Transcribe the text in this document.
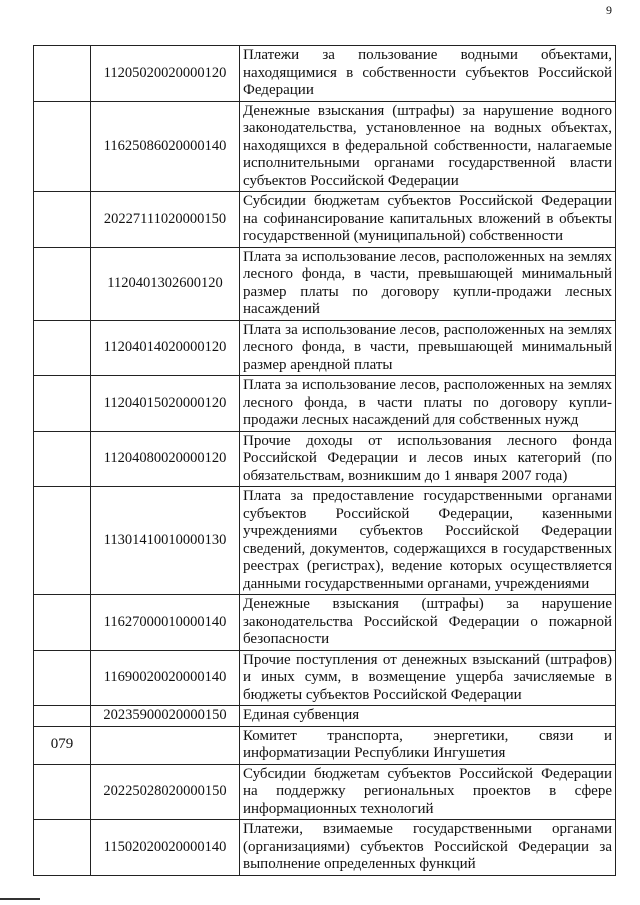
9
	11205020020000120	Платежи за пользование водными объектами, находящимися в собственности субъектов Российской Федерации
	11625086020000140	Денежные взыскания (штрафы) за нарушение водного законодательства, установленное на водных объектах, находящихся в федеральной собственности, налагаемые исполнительными органами государственной власти субъектов Российской Федерации
	20227111020000150	Субсидии бюджетам субъектов Российской Федерации на софинансирование капитальных вложений в объекты государственной (муниципальной) собственности
	1120401302600120	Плата за использование лесов, расположенных на землях лесного фонда, в части, превышающей минимальный размер платы по договору купли-продажи лесных насаждений
	11204014020000120	Плата за использование лесов, расположенных на землях лесного фонда, в части, превышающей минимальный размер арендной платы
	11204015020000120	Плата за использование лесов, расположенных на землях лесного фонда, в части платы по договору купли-продажи лесных насаждений для собственных нужд
	11204080020000120	Прочие доходы от использования лесного фонда Российской Федерации и лесов иных категорий (по обязательствам, возникшим до 1 января 2007 года)
	11301410010000130	Плата за предоставление государственными органами субъектов Российской Федерации, казенными учреждениями субъектов Российской Федерации сведений, документов, содержащихся в государственных реестрах (регистрах), ведение которых осуществляется данными государственными органами, учреждениями
	11627000010000140	Денежные взыскания (штрафы) за нарушение законодательства Российской Федерации о пожарной безопасности
	11690020020000140	Прочие поступления от денежных взысканий (штрафов) и иных сумм, в возмещение ущерба зачисляемые в бюджеты субъектов Российской Федерации
	20235900020000150	Единая субвенция
079		Комитет транспорта, энергетики, связи и информатизации Республики Ингушетия
	20225028020000150	Субсидии бюджетам субъектов Российской Федерации на поддержку региональных проектов в сфере информационных технологий
	11502020020000140	Платежи, взимаемые государственными органами (организациями) субъектов Российской Федерации за выполнение определенных функций
